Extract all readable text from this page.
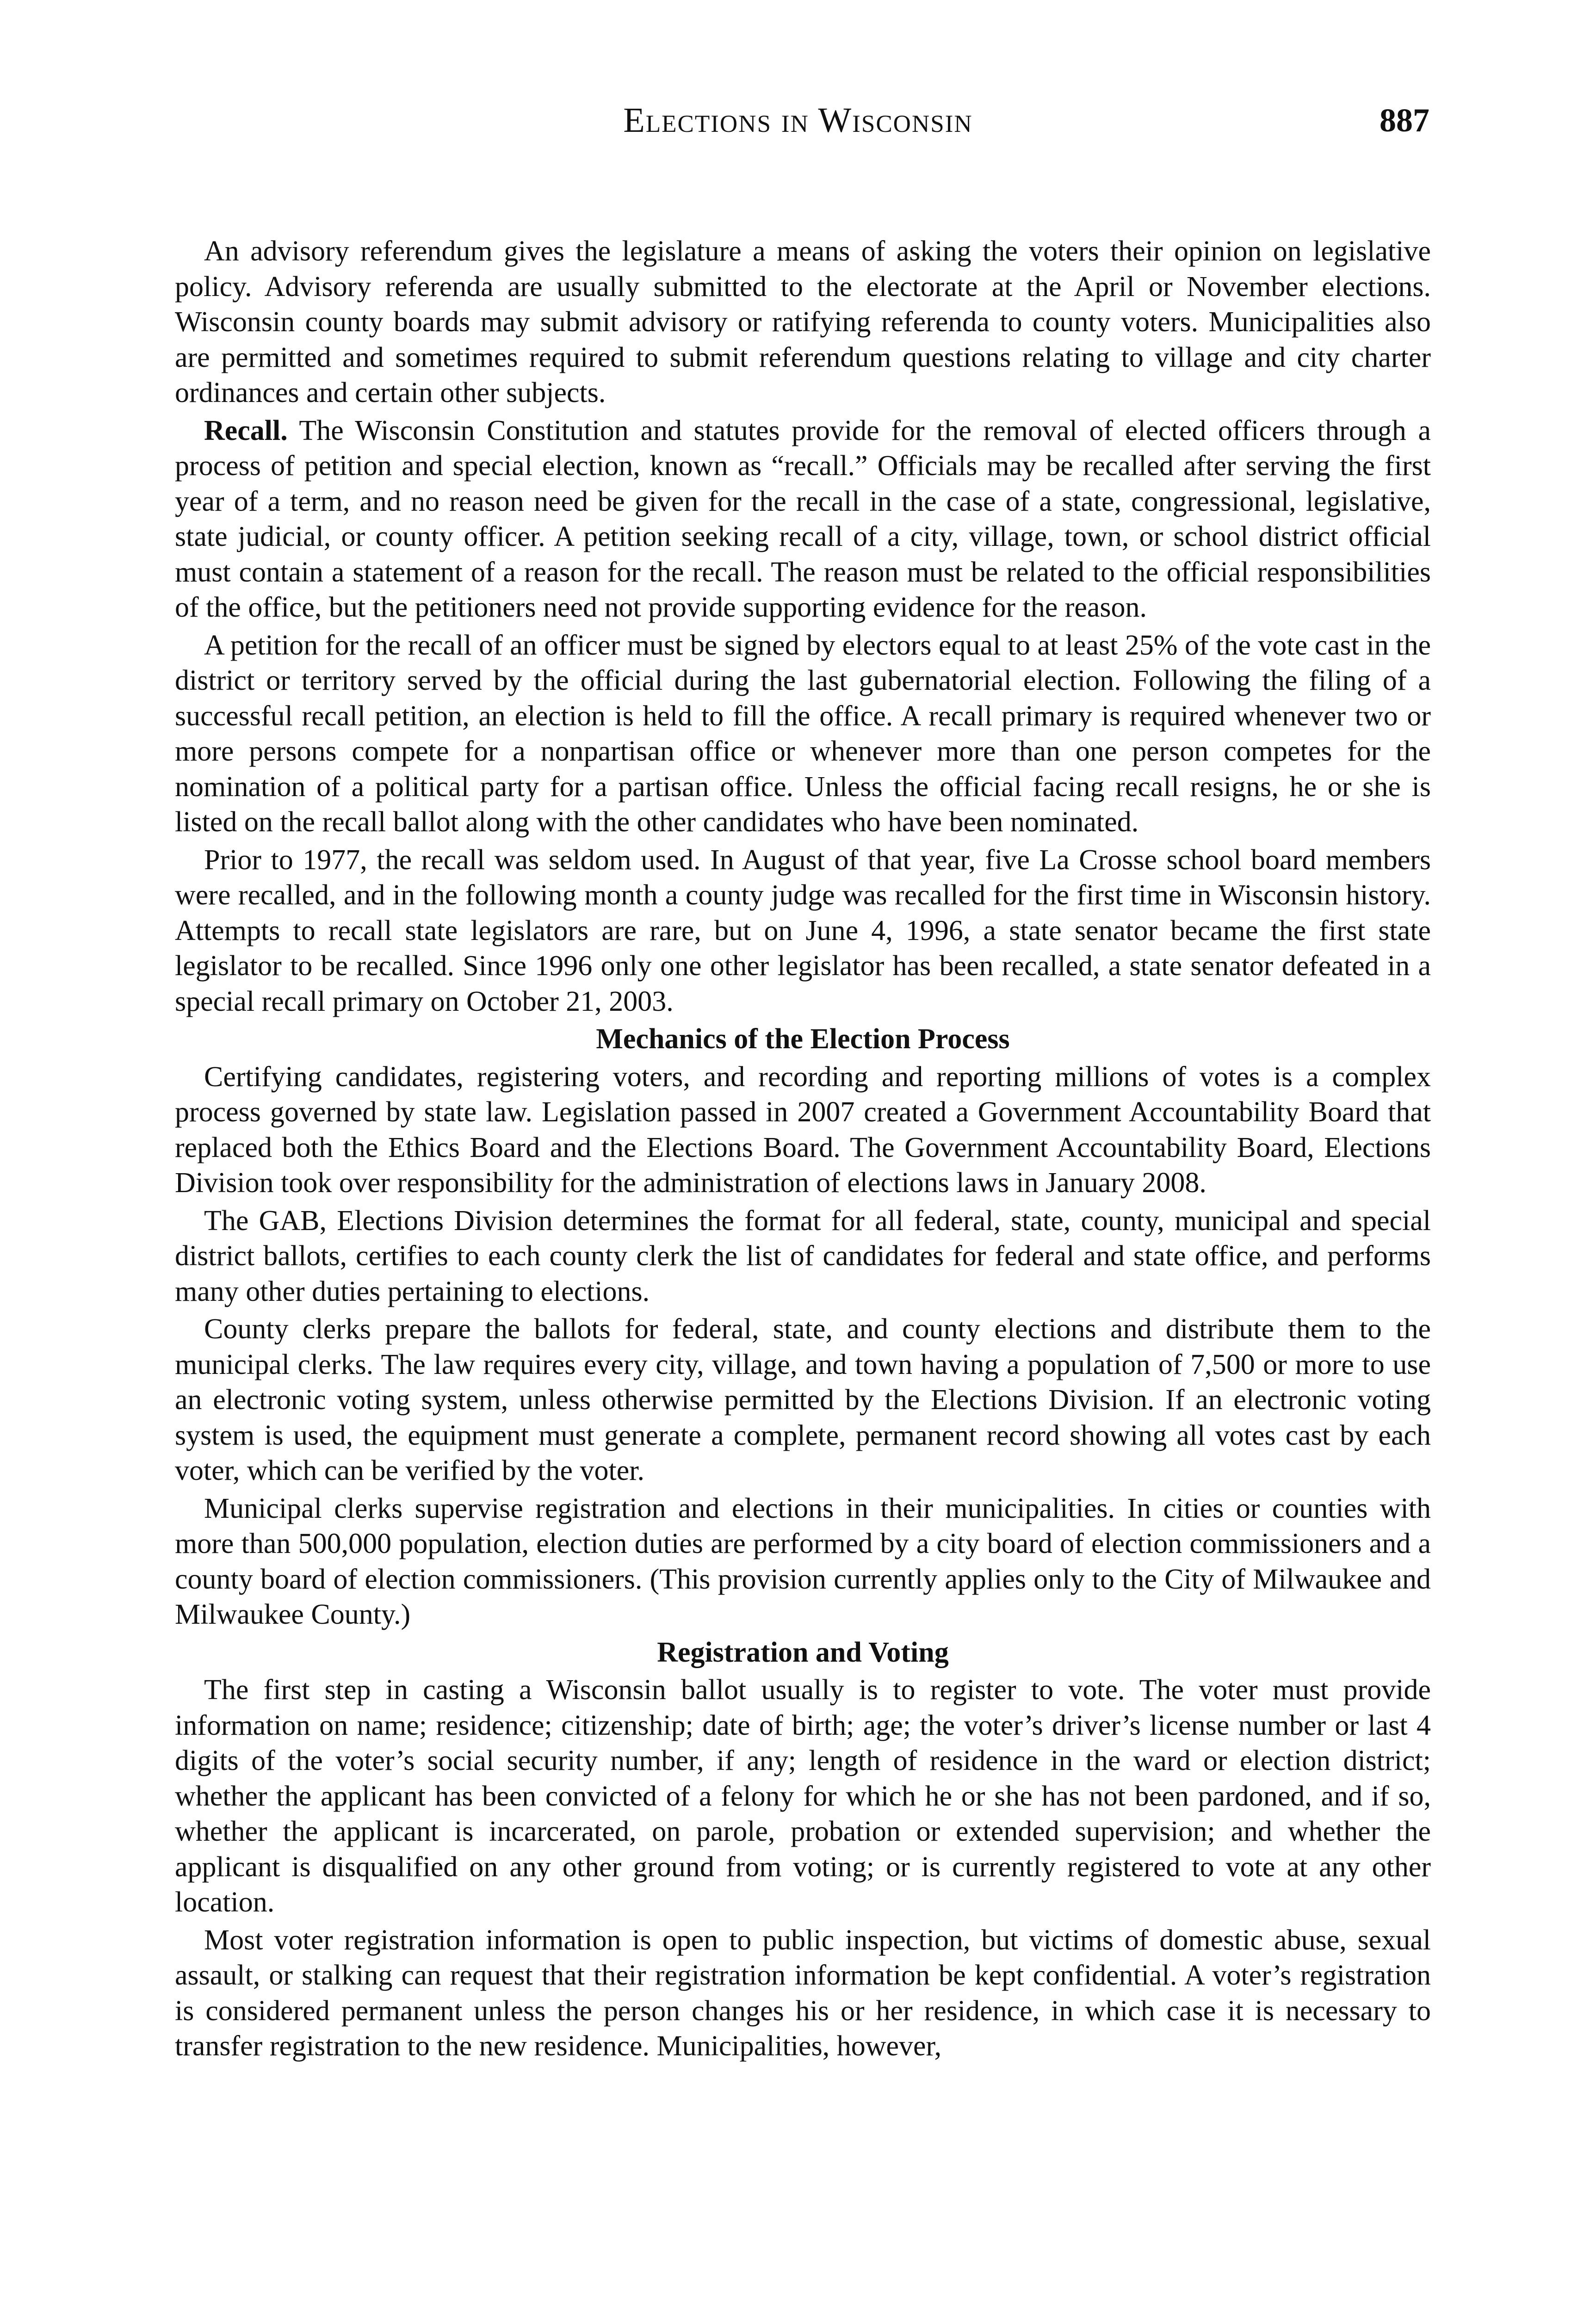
Elections in Wisconsin	887

An advisory referendum gives the legislature a means of asking the voters their opinion on legislative policy. Advisory referenda are usually submitted to the electorate at the April or November elections. Wisconsin county boards may submit advisory or ratifying referenda to county voters. Municipalities also are permitted and sometimes required to submit referendum questions relating to village and city charter ordinances and certain other subjects.

Recall. The Wisconsin Constitution and statutes provide for the removal of elected officers through a process of petition and special election, known as “recall.” Officials may be recalled after serving the first year of a term, and no reason need be given for the recall in the case of a state, congressional, legislative, state judicial, or county officer. A petition seeking recall of a city, village, town, or school district official must contain a statement of a reason for the recall. The reason must be related to the official responsibilities of the office, but the petitioners need not provide supporting evidence for the reason.

A petition for the recall of an officer must be signed by electors equal to at least 25% of the vote cast in the district or territory served by the official during the last gubernatorial election. Following the filing of a successful recall petition, an election is held to fill the office. A recall primary is required whenever two or more persons compete for a nonpartisan office or whenever more than one person competes for the nomination of a political party for a partisan office. Unless the official facing recall resigns, he or she is listed on the recall ballot along with the other candidates who have been nominated.

Prior to 1977, the recall was seldom used. In August of that year, five La Crosse school board members were recalled, and in the following month a county judge was recalled for the first time in Wisconsin history. Attempts to recall state legislators are rare, but on June 4, 1996, a state senator became the first state legislator to be recalled. Since 1996 only one other legislator has been recalled, a state senator defeated in a special recall primary on October 21, 2003.

Mechanics of the Election Process

Certifying candidates, registering voters, and recording and reporting millions of votes is a complex process governed by state law. Legislation passed in 2007 created a Government Accountability Board that replaced both the Ethics Board and the Elections Board. The Government Accountability Board, Elections Division took over responsibility for the administration of elections laws in January 2008.

The GAB, Elections Division determines the format for all federal, state, county, municipal and special district ballots, certifies to each county clerk the list of candidates for federal and state office, and performs many other duties pertaining to elections.

County clerks prepare the ballots for federal, state, and county elections and distribute them to the municipal clerks. The law requires every city, village, and town having a population of 7,500 or more to use an electronic voting system, unless otherwise permitted by the Elections Division. If an electronic voting system is used, the equipment must generate a complete, permanent record showing all votes cast by each voter, which can be verified by the voter.

Municipal clerks supervise registration and elections in their municipalities. In cities or counties with more than 500,000 population, election duties are performed by a city board of election commissioners and a county board of election commissioners. (This provision currently applies only to the City of Milwaukee and Milwaukee County.)

Registration and Voting

The first step in casting a Wisconsin ballot usually is to register to vote. The voter must provide information on name; residence; citizenship; date of birth; age; the voter’s driver’s license number or last 4 digits of the voter’s social security number, if any; length of residence in the ward or election district; whether the applicant has been convicted of a felony for which he or she has not been pardoned, and if so, whether the applicant is incarcerated, on parole, probation or extended supervision; and whether the applicant is disqualified on any other ground from voting; or is currently registered to vote at any other location.

Most voter registration information is open to public inspection, but victims of domestic abuse, sexual assault, or stalking can request that their registration information be kept confidential. A voter’s registration is considered permanent unless the person changes his or her residence, in which case it is necessary to transfer registration to the new residence. Municipalities, however,
